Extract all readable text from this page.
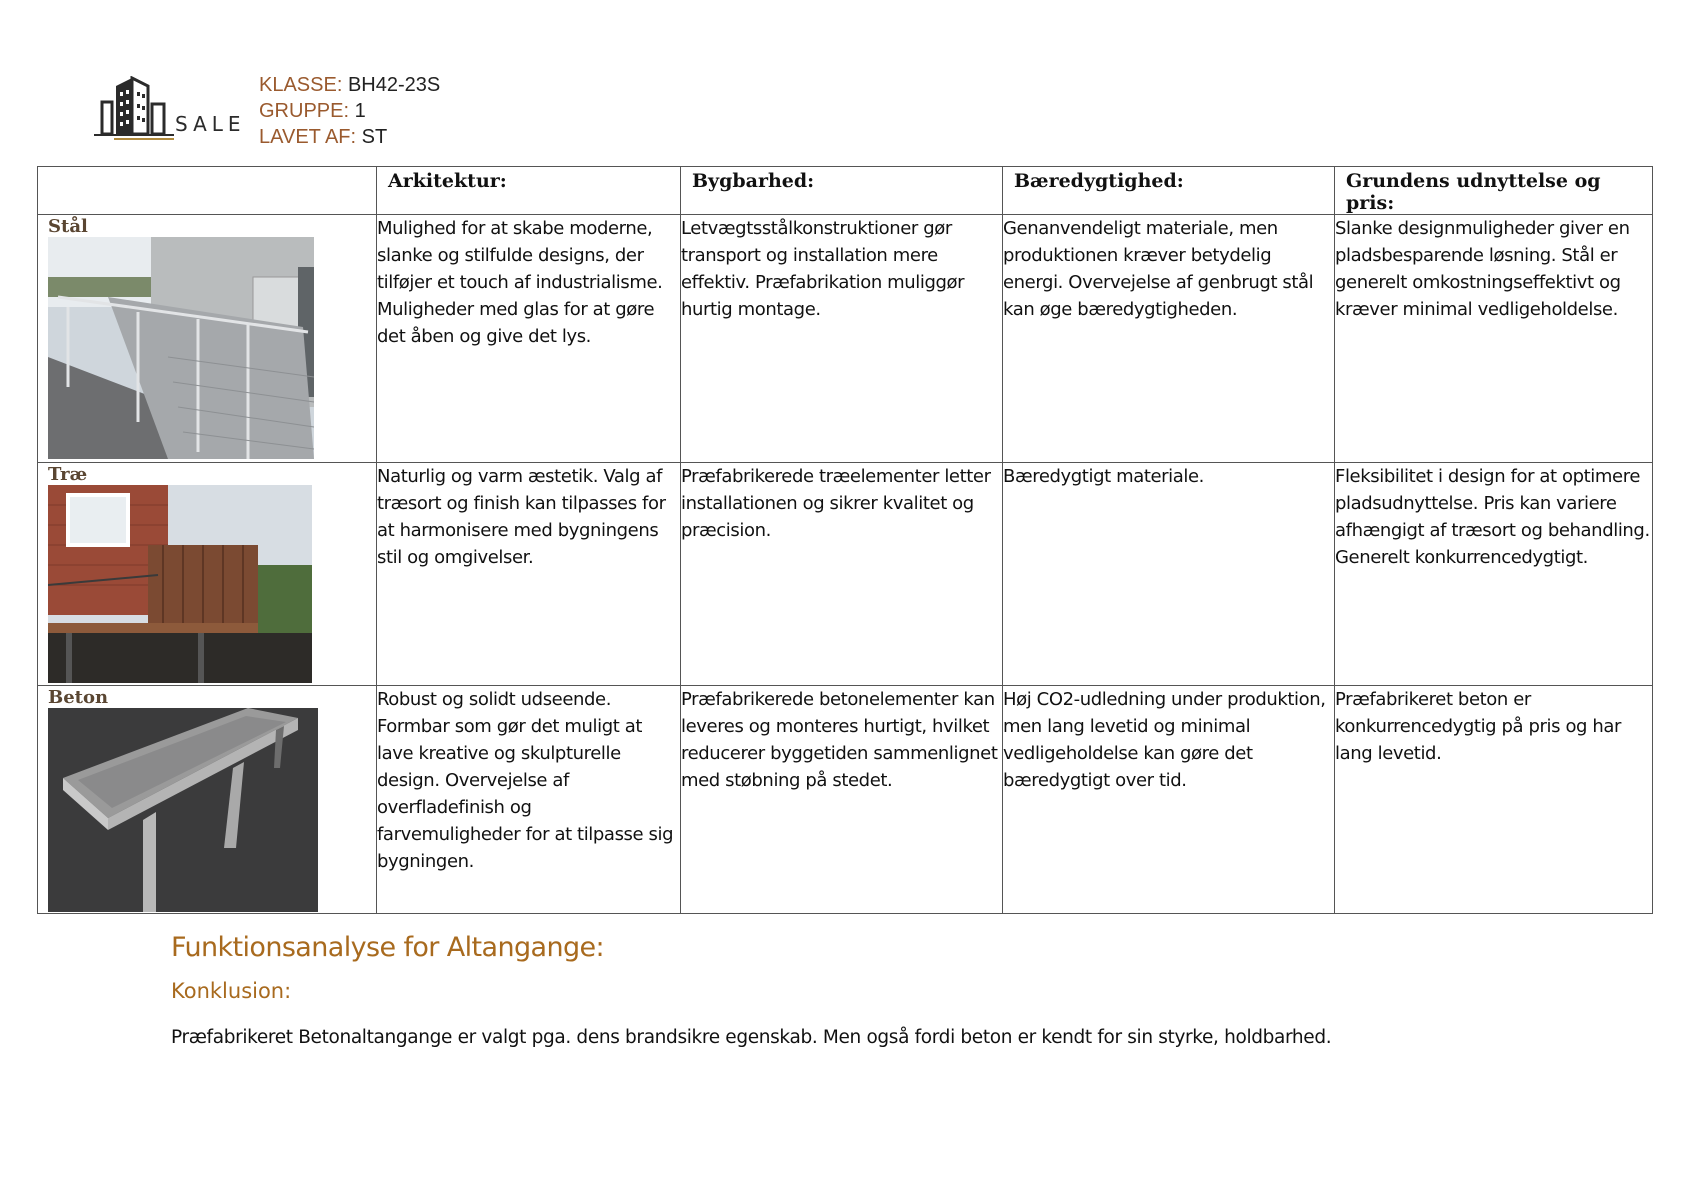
SALE
KLASSE: BH42-23S
GRUPPE: 1
LAVET AF: ST
	Arkitektur:	Bygbarhed:	Bæredygtighed:	Grundens udnyttelse og pris:

Stål	Mulighed for at skabe moderne, slanke og stilfulde designs, der tilføjer et touch af industrialisme. Muligheder med glas for at gøre det åben og give det lys.	Letvægtsstålkonstruktioner gør transport og installation mere effektiv. Præfabrikation muliggør hurtig montage.	Genanvendeligt materiale, men produktionen kræver betydelig energi. Overvejelse af genbrugt stål kan øge bæredygtigheden.	Slanke designmuligheder giver en pladsbesparende løsning. Stål er generelt omkostningseffektivt og kræver minimal vedligeholdelse.

Træ	Naturlig og varm æstetik. Valg af træsort og finish kan tilpasses for at harmonisere med bygningens stil og omgivelser.	Præfabrikerede træelementer letter installationen og sikrer kvalitet og præcision.	Bæredygtigt materiale.	Fleksibilitet i design for at optimere pladsudnyttelse. Pris kan variere afhængigt af træsort og behandling. Generelt konkurrencedygtigt.

Beton	Robust og solidt udseende. Formbar som gør det muligt at lave kreative og skulpturelle design. Overvejelse af overfladefinish og farvemuligheder for at tilpasse sig bygningen.	Præfabrikerede betonelementer kan leveres og monteres hurtigt, hvilket reducerer byggetiden sammenlignet med støbning på stedet.	Høj CO2-udledning under produktion, men lang levetid og minimal vedligeholdelse kan gøre det bæredygtigt over tid.	Præfabrikeret beton er konkurrencedygtig på pris og har lang levetid.
Funktionsanalyse for Altangange:
Konklusion:
Præfabrikeret Betonaltangange er valgt pga. dens brandsikre egenskab. Men også fordi beton er kendt for sin styrke, holdbarhed.
